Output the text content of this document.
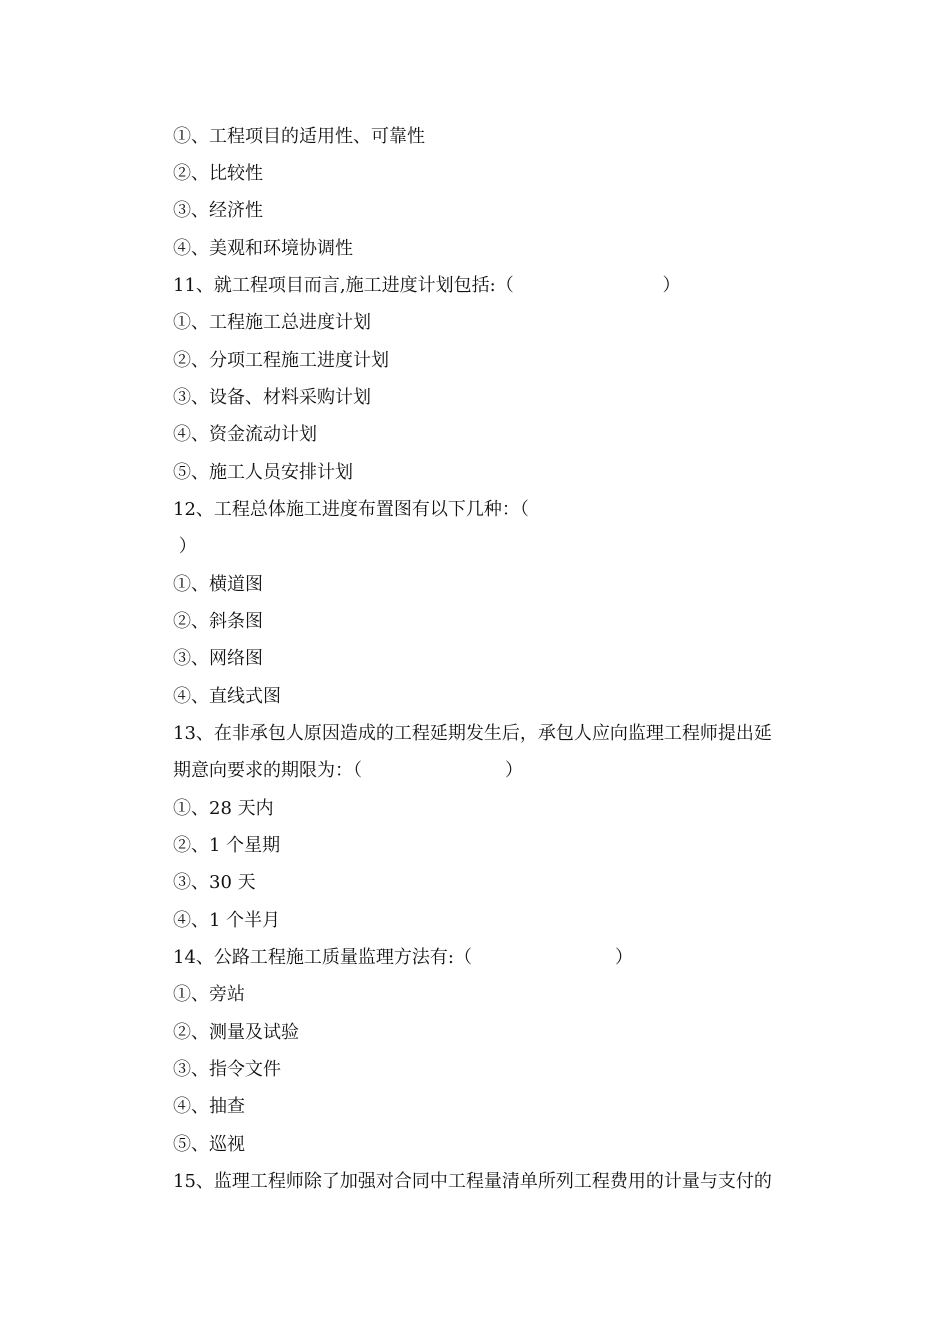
①、工程项目的适用性、可靠性
②、比较性
③、经济性
④、美观和环境协调性
11、就工程项目而言,施工进度计划包括:（                          ）
①、工程施工总进度计划
②、分项工程施工进度计划
③、设备、材料采购计划
④、资金流动计划
⑤、施工人员安排计划
12、工程总体施工进度布置图有以下几种：（
）
①、横道图
②、斜条图
③、网络图
④、直线式图
13、在非承包人原因造成的工程延期发生后，承包人应向监理工程师提出延
期意向要求的期限为：（                         ）
①、28 天内
②、1 个星期
③、30 天
④、1 个半月
14、公路工程施工质量监理方法有:（                         ）
①、旁站
②、测量及试验
③、指令文件
④、抽查
⑤、巡视
15、监理工程师除了加强对合同中工程量清单所列工程费用的计量与支付的
